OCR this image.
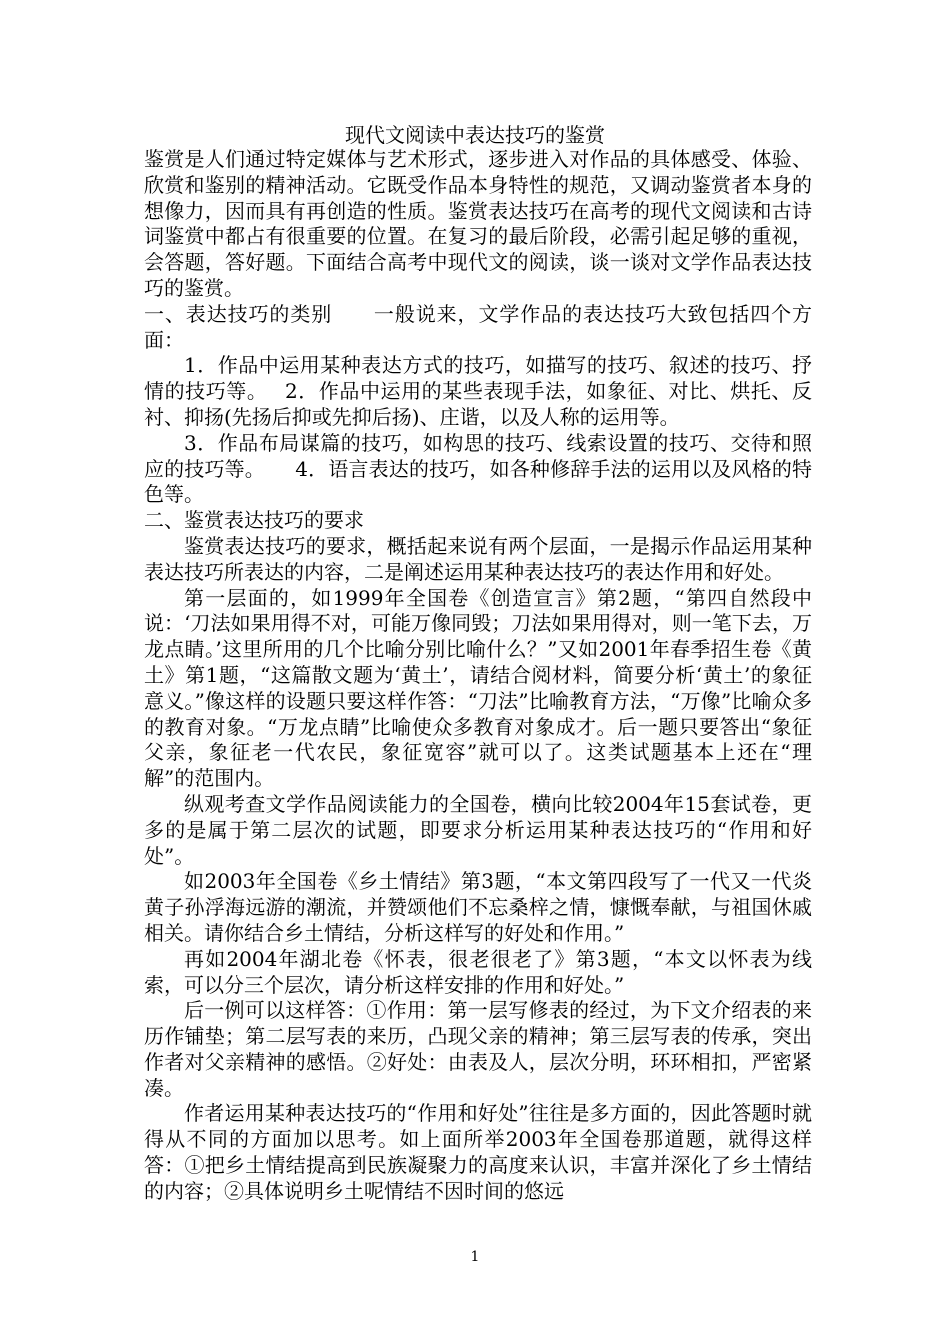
现代文阅读中表达技巧的鉴赏

鉴赏是人们通过特定媒体与艺术形式，逐步进入对作品的具体感受、体验、欣赏和鉴别的精神活动。它既受作品本身特性的规范，又调动鉴赏者本身的想像力，因而具有再创造的性质。鉴赏表达技巧在高考的现代文阅读和古诗词鉴赏中都占有很重要的位置。在复习的最后阶段，必需引起足够的重视，会答题，答好题。下面结合高考中现代文的阅读，谈一谈对文学作品表达技巧的鉴赏。

一、表达技巧的类别　　一般说来，文学作品的表达技巧大致包括四个方面：

1．作品中运用某种表达方式的技巧，如描写的技巧、叙述的技巧、抒情的技巧等。　 2．作品中运用的某些表现手法，如象征、对比、烘托、反衬、抑扬(先扬后抑或先抑后扬)、庄谐，以及人称的运用等。

3．作品布局谋篇的技巧，如构思的技巧、线索设置的技巧、交待和照应的技巧等。　　4．语言表达的技巧，如各种修辞手法的运用以及风格的特色等。

二、鉴赏表达技巧的要求

鉴赏表达技巧的要求，概括起来说有两个层面，一是揭示作品运用某种表达技巧所表达的内容，二是阐述运用某种表达技巧的表达作用和好处。

第一层面的，如1999年全国卷《创造宣言》第2题，“第四自然段中说：‘刀法如果用得不对，可能万像同毁；刀法如果用得对，则一笔下去，万龙点睛。’这里所用的几个比喻分别比喻什么？”又如2001年春季招生卷《黄土》第1题，“这篇散文题为‘黄土’，请结合阅材料，简要分析‘黄土’的象征意义。”像这样的设题只要这样作答：“刀法”比喻教育方法，“万像”比喻众多的教育对象。“万龙点睛”比喻使众多教育对象成才。后一题只要答出“象征父亲，象征老一代农民，象征宽容”就可以了。这类试题基本上还在“理解”的范围内。

纵观考查文学作品阅读能力的全国卷，横向比较2004年15套试卷，更多的是属于第二层次的试题，即要求分析运用某种表达技巧的“作用和好处”。

如2003年全国卷《乡土情结》第3题，“本文第四段写了一代又一代炎黄子孙浮海远游的潮流，并赞颂他们不忘桑梓之情，慷慨奉献，与祖国休戚相关。请你结合乡土情结，分析这样写的好处和作用。”

再如2004年湖北卷《怀表，很老很老了》第3题，“本文以怀表为线索，可以分三个层次，请分析这样安排的作用和好处。”

后一例可以这样答：①作用：第一层写修表的经过，为下文介绍表的来历作铺垫；第二层写表的来历，凸现父亲的精神；第三层写表的传承，突出作者对父亲精神的感悟。②好处：由表及人，层次分明，环环相扣，严密紧凑。

作者运用某种表达技巧的“作用和好处”往往是多方面的，因此答题时就得从不同的方面加以思考。如上面所举2003年全国卷那道题，就得这样答：①把乡土情结提高到民族凝聚力的高度来认识，丰富并深化了乡土情结的内容；②具体说明乡土呢情结不因时间的悠远

1
